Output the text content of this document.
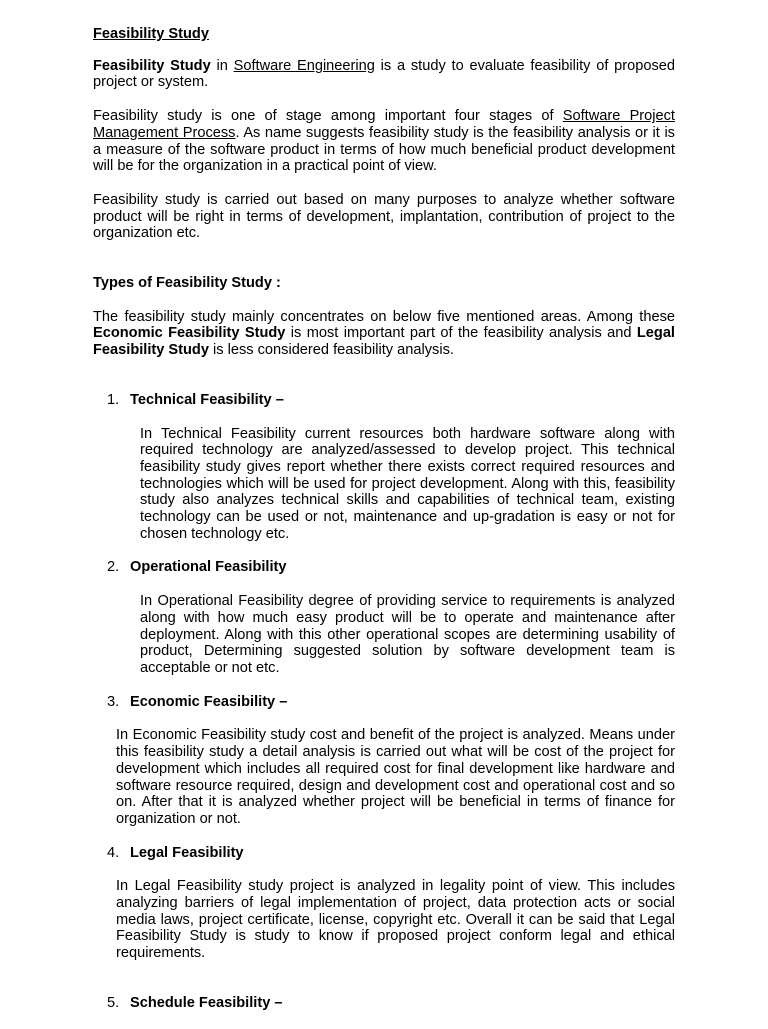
Feasibility Study

Feasibility Study in Software Engineering is a study to evaluate feasibility of proposed project or system.

Feasibility study is one of stage among important four stages of Software Project Management Process. As name suggests feasibility study is the feasibility analysis or it is a measure of the software product in terms of how much beneficial product development will be for the organization in a practical point of view.

Feasibility study is carried out based on many purposes to analyze whether software product will be right in terms of development, implantation, contribution of project to the organization etc.

Types of Feasibility Study :

The feasibility study mainly concentrates on below five mentioned areas. Among these Economic Feasibility Study is most important part of the feasibility analysis and Legal Feasibility Study is less considered feasibility analysis.

1. Technical Feasibility –

In Technical Feasibility current resources both hardware software along with required technology are analyzed/assessed to develop project. This technical feasibility study gives report whether there exists correct required resources and technologies which will be used for project development. Along with this, feasibility study also analyzes technical skills and capabilities of technical team, existing technology can be used or not, maintenance and up-gradation is easy or not for chosen technology etc.

2. Operational Feasibility

In Operational Feasibility degree of providing service to requirements is analyzed along with how much easy product will be to operate and maintenance after deployment. Along with this other operational scopes are determining usability of product, Determining suggested solution by software development team is acceptable or not etc.

3. Economic Feasibility –

In Economic Feasibility study cost and benefit of the project is analyzed. Means under this feasibility study a detail analysis is carried out what will be cost of the project for development which includes all required cost for final development like hardware and software resource required, design and development cost and operational cost and so on. After that it is analyzed whether project will be beneficial in terms of finance for organization or not.

4. Legal Feasibility

In Legal Feasibility study project is analyzed in legality point of view. This includes analyzing barriers of legal implementation of project, data protection acts or social media laws, project certificate, license, copyright etc. Overall it can be said that Legal Feasibility Study is study to know if proposed project conform legal and ethical requirements.

5. Schedule Feasibility –
